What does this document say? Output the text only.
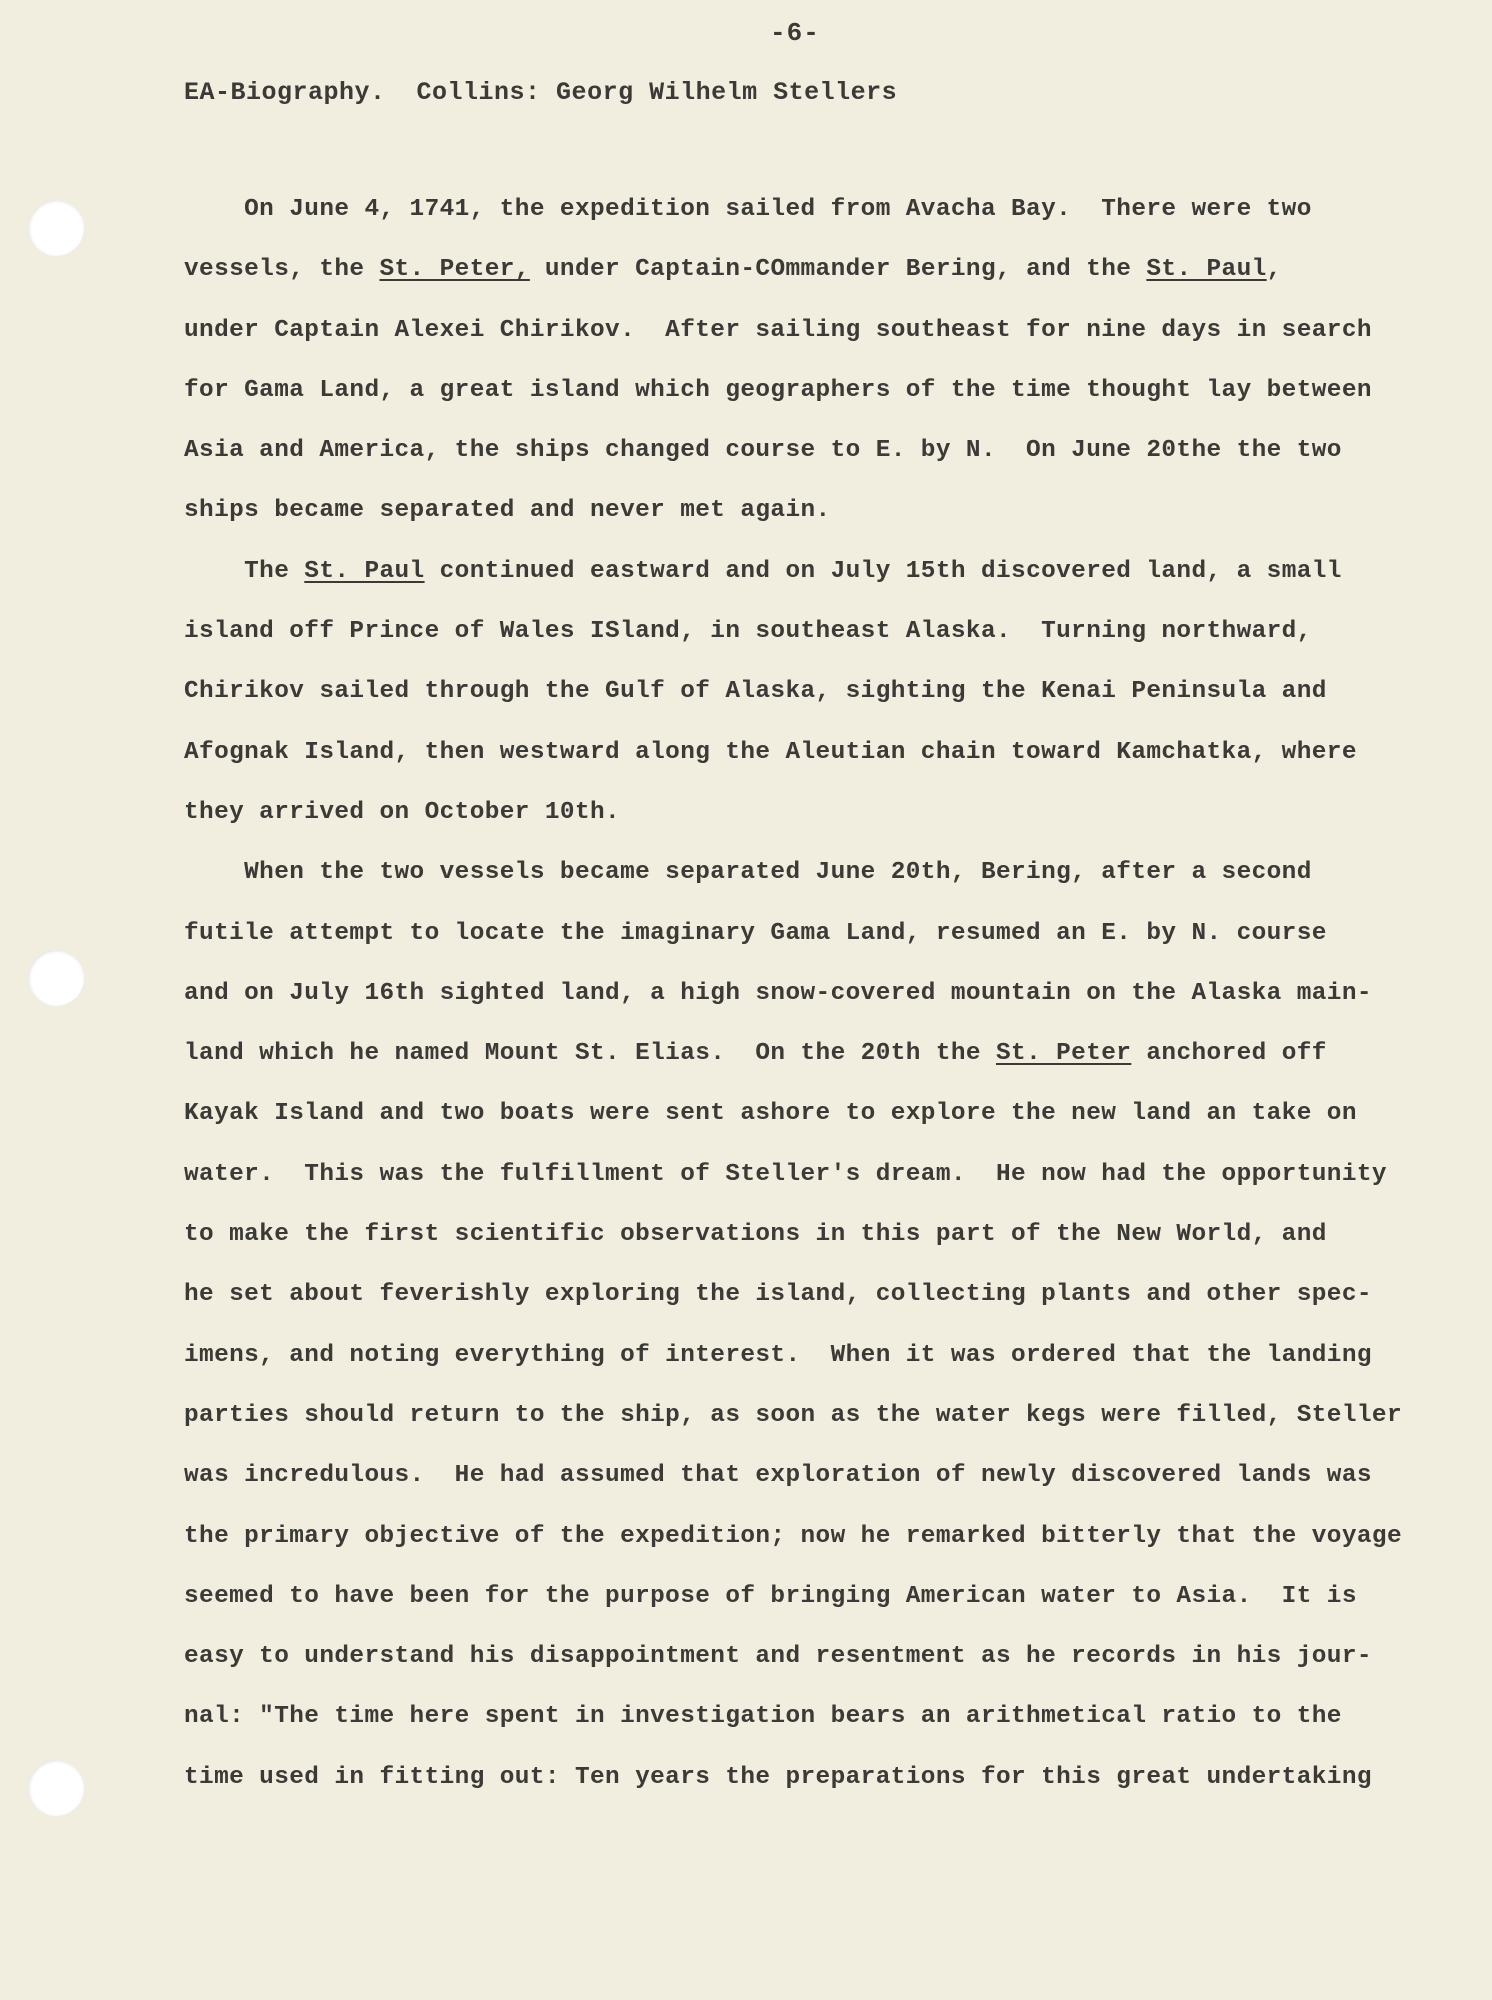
-6-
EA-Biography.  Collins: Georg Wilhelm Stellers
On June 4, 1741, the expedition sailed from Avacha Bay.  There were two
vessels, the St. Peter, under Captain-COmmander Bering, and the St. Paul,
under Captain Alexei Chirikov.  After sailing southeast for nine days in search
for Gama Land, a great island which geographers of the time thought lay between
Asia and America, the ships changed course to E. by N.  On June 20the the two
ships became separated and never met again.
The St. Paul continued eastward and on July 15th discovered land, a small
island off Prince of Wales ISland, in southeast Alaska.  Turning northward,
Chirikov sailed through the Gulf of Alaska, sighting the Kenai Peninsula and
Afognak Island, then westward along the Aleutian chain toward Kamchatka, where
they arrived on October 10th.
When the two vessels became separated June 20th, Bering, after a second
futile attempt to locate the imaginary Gama Land, resumed an E. by N. course
and on July 16th sighted land, a high snow-covered mountain on the Alaska main-
land which he named Mount St. Elias.  On the 20th the St. Peter anchored off
Kayak Island and two boats were sent ashore to explore the new land an take on
water.  This was the fulfillment of Steller's dream.  He now had the opportunity
to make the first scientific observations in this part of the New World, and
he set about feverishly exploring the island, collecting plants and other spec-
imens, and noting everything of interest.  When it was ordered that the landing
parties should return to the ship, as soon as the water kegs were filled, Steller
was incredulous.  He had assumed that exploration of newly discovered lands was
the primary objective of the expedition; now he remarked bitterly that the voyage
seemed to have been for the purpose of bringing American water to Asia.  It is
easy to understand his disappointment and resentment as he records in his jour-
nal: "The time here spent in investigation bears an arithmetical ratio to the
time used in fitting out: Ten years the preparations for this great undertaking
